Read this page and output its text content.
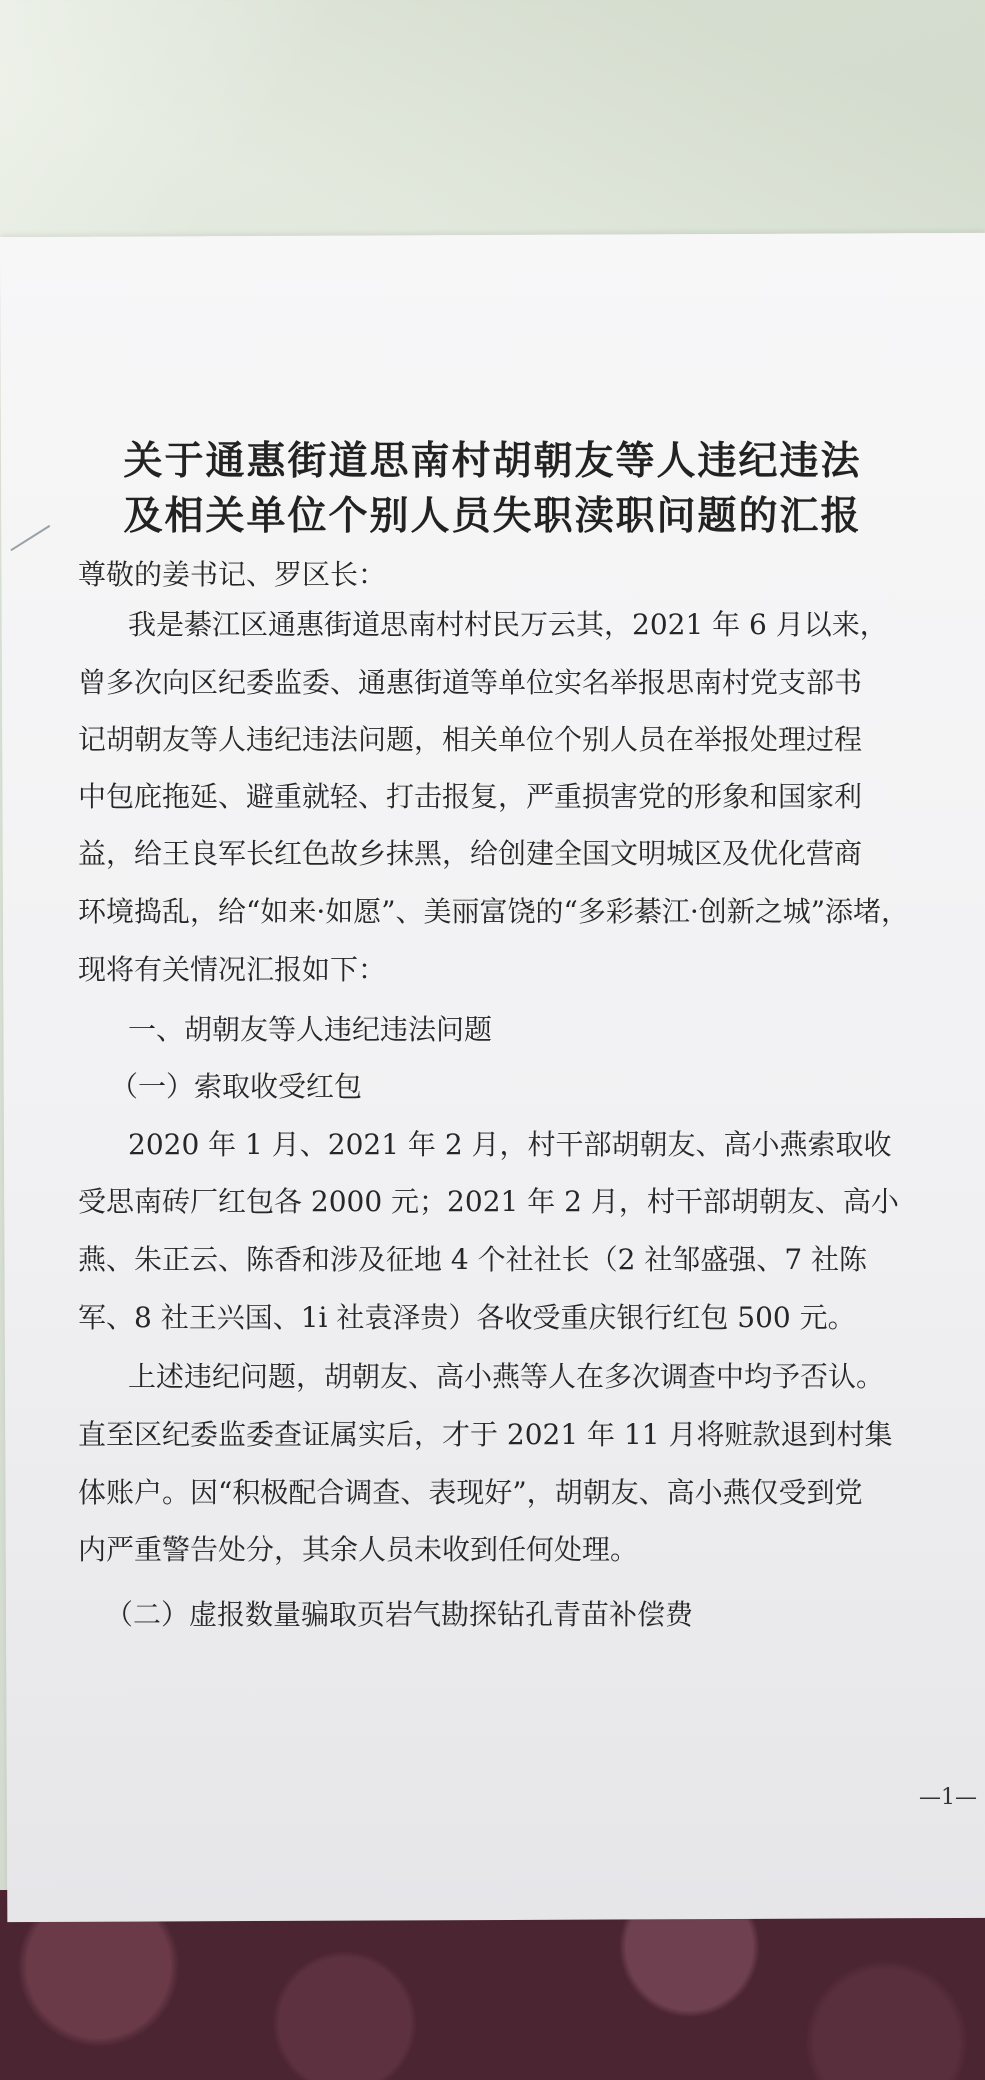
关于通惠街道思南村胡朝友等人违纪违法
及相关单位个别人员失职渎职问题的汇报

尊敬的姜书记、罗区长：

我是綦江区通惠街道思南村村民万云其，2021 年 6 月以来，

曾多次向区纪委监委、通惠街道等单位实名举报思南村党支部书

记胡朝友等人违纪违法问题，相关单位个别人员在举报处理过程

中包庇拖延、避重就轻、打击报复，严重损害党的形象和国家利

益，给王良军长红色故乡抹黑，给创建全国文明城区及优化营商

环境捣乱，给“如来·如愿”、美丽富饶的“多彩綦江·创新之城”添堵，

现将有关情况汇报如下：

一、胡朝友等人违纪违法问题

（一）索取收受红包

2020 年 1 月、2021 年 2 月，村干部胡朝友、高小燕索取收

受思南砖厂红包各 2000 元；2021 年 2 月，村干部胡朝友、高小

燕、朱正云、陈香和涉及征地 4 个社社长（2 社邹盛强、7 社陈

军、8 社王兴国、1i 社袁泽贵）各收受重庆银行红包 500 元。

上述违纪问题，胡朝友、高小燕等人在多次调查中均予否认。

直至区纪委监委查证属实后，才于 2021 年 11 月将赃款退到村集

体账户。因“积极配合调查、表现好”，胡朝友、高小燕仅受到党

内严重警告处分，其余人员未收到任何处理。

（二）虚报数量骗取页岩气勘探钻孔青苗补偿费

—1—
